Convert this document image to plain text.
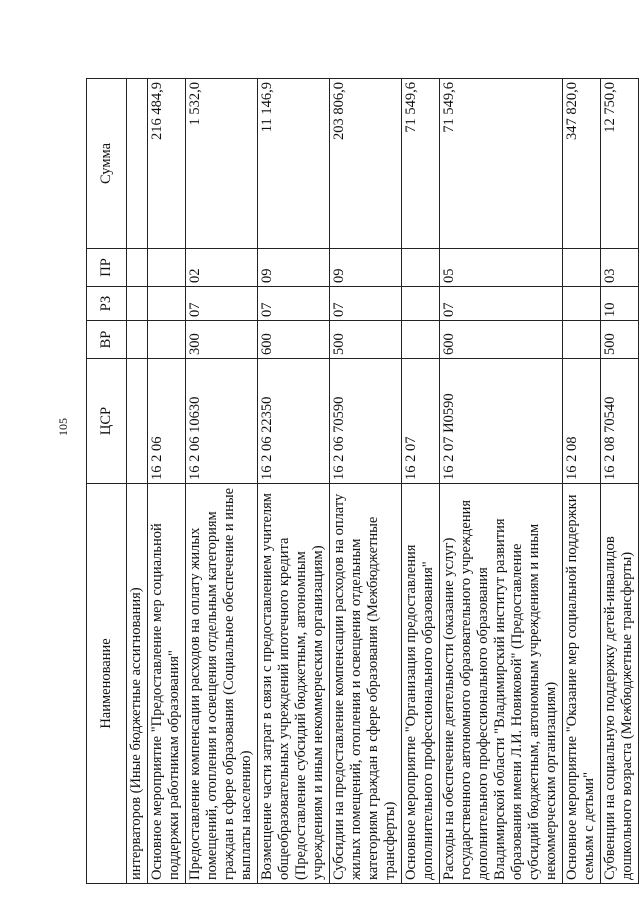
105
Наименование	ЦСР	ВР	РЗ	ПР	Сумма
интерваторов (Иные бюджетные ассигнования)					
Основное мероприятие "Предоставление мер социальной поддержки работникам образования"	16 2 06				216 484,9
Предоставление компенсации расходов на оплату жилых помещений, отопления и освещения отдельным категориям граждан в сфере образования (Социальное обеспечение и иные выплаты населению)	16 2 06 10630	300	07	02	1 532,0
Возмещение части затрат в связи с предоставлением учителям общеобразовательных учреждений ипотечного кредита (Предоставление субсидий бюджетным, автономным учреждениям и иным некоммерческим организациям)	16 2 06 22350	600	07	09	11 146,9
Субсидии на предоставление компенсации расходов на оплату жилых помещений, отопления и освещения отдельным категориям граждан в сфере образования (Межбюджетные трансферты)	16 2 06 70590	500	07	09	203 806,0
Основное мероприятие "Организация предоставления дополнительного профессионального образования"	16 2 07				71 549,6
Расходы на обеспечение деятельности (оказание услуг) государственного автономного образовательного учреждения дополнительного профессионального образования Владимирской области "Владимирский институт развития образования имени Л.И. Новиковой" (Предоставление субсидий бюджетным, автономным учреждениям и иным некоммерческим организациям)	16 2 07 И0590	600	07	05	71 549,6
Основное мероприятие "Оказание мер социальной поддержки семьям с детьми"	16 2 08				347 820,0
Субвенции на социальную поддержку детей-инвалидов дошкольного возраста (Межбюджетные трансферты)	16 2 08 70540	500	10	03	12 750,0
